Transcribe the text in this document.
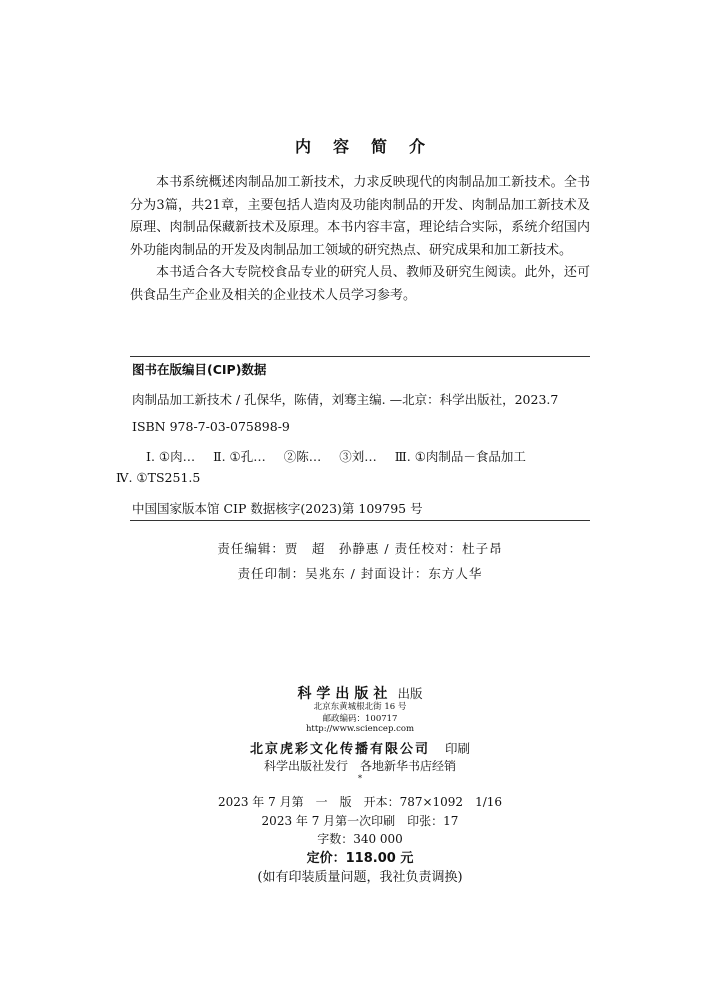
内容简介

本书系统概述肉制品加工新技术，力求反映现代的肉制品加工新技术。全书分为3篇，共21章，主要包括人造肉及功能肉制品的开发、肉制品加工新技术及原理、肉制品保藏新技术及原理。本书内容丰富，理论结合实际，系统介绍国内外功能肉制品的开发及肉制品加工领域的研究热点、研究成果和加工新技术。

本书适合各大专院校食品专业的研究人员、教师及研究生阅读。此外，还可供食品生产企业及相关的企业技术人员学习参考。

图书在版编目(CIP)数据
肉制品加工新技术 / 孔保华，陈倩，刘骞主编. —北京：科学出版社，2023.7
ISBN 978-7-03-075898-9
Ⅰ. ①肉… Ⅱ. ①孔… ②陈… ③刘… Ⅲ. ①肉制品－食品加工
Ⅳ. ①TS251.5
中国国家版本馆 CIP 数据核字(2023)第 109795 号
责任编辑：贾　超　孙静惠 / 责任校对：杜子昂
责任印制：吴兆东 / 封面设计：东方人华
科学出版社 出版
北京东黄城根北街 16 号
邮政编码：100717
http://www.sciencep.com
北京虎彩文化传播有限公司 印刷
科学出版社发行　各地新华书店经销
*
2023 年 7 月第　一　版　开本：787×1092　1/16
2023 年 7 月第一次印刷　印张：17
字数：340 000
定价：118.00 元
(如有印装质量问题，我社负责调换)
